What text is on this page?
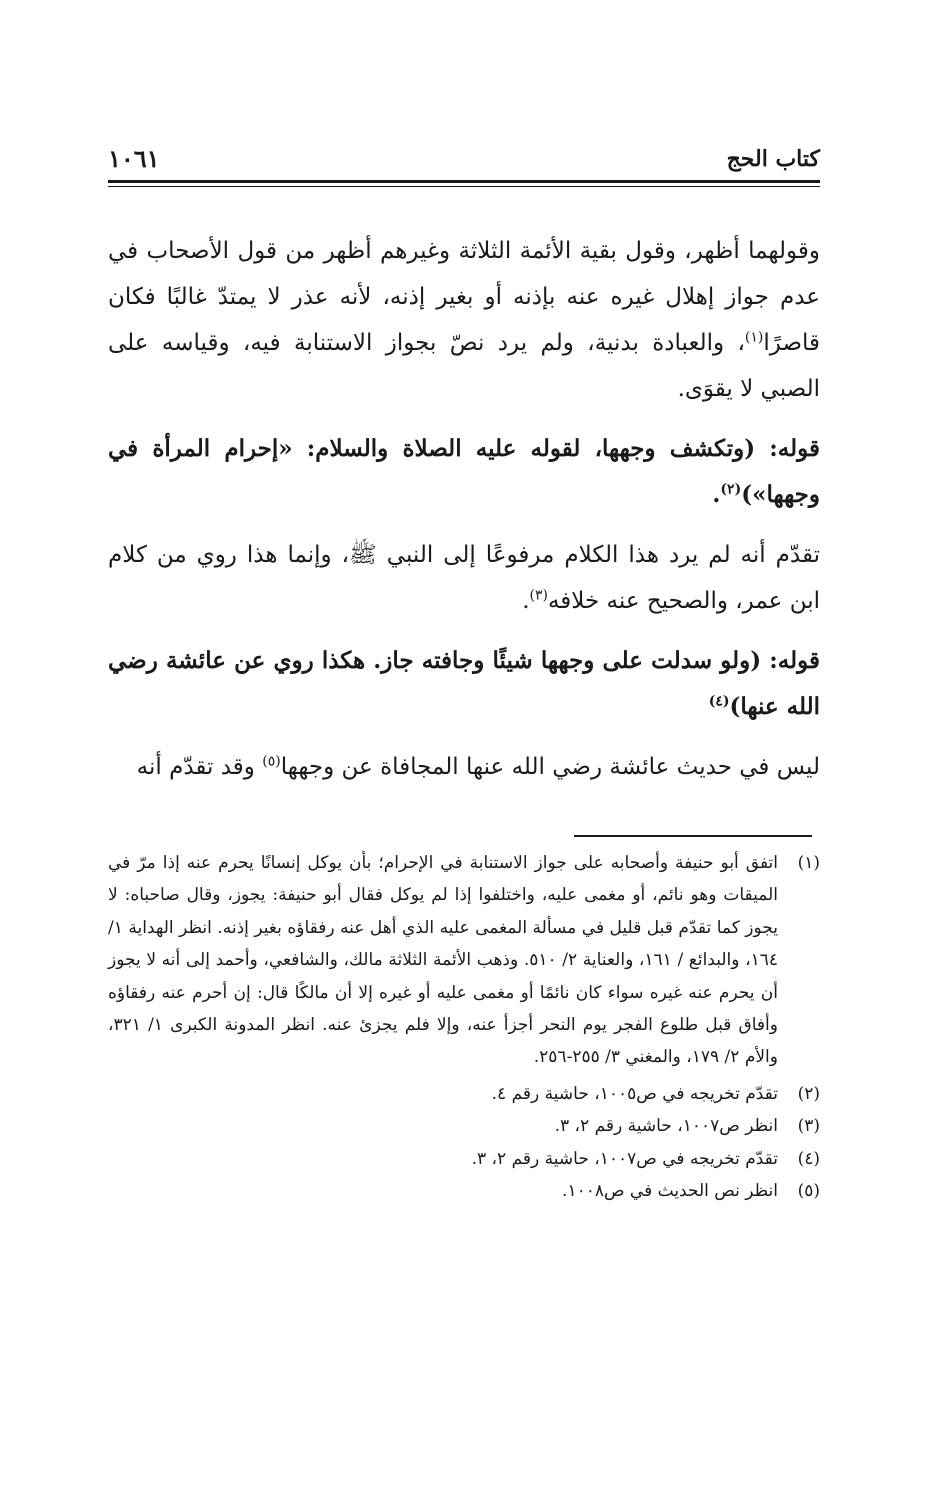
كتاب الحج
١٠٦١

وقولهما أظهر، وقول بقية الأئمة الثلاثة وغيرهم أظهر من قول الأصحاب في عدم جواز إهلال غيره عنه بإذنه أو بغير إذنه، لأنه عذر لا يمتدّ غالبًا فكان قاصرًا$^{(١)}$، والعبادة بدنية، ولم يرد نصّ بجواز الاستنابة فيه، وقياسه على الصبي لا يقوَى.

قوله: (وتكشف وجهها، لقوله عليه الصلاة والسلام: «إحرام المرأة في وجهها»)$^{(٢)}$.

تقدّم أنه لم يرد هذا الكلام مرفوعًا إلى النبي ﷺ، وإنما هذا روي من كلام ابن عمر، والصحيح عنه خلافه$^{(٣)}$.

قوله: (ولو سدلت على وجهها شيئًا وجافته جاز. هكذا روي عن عائشة رضي الله عنها)$^{(٤)}$

ليس في حديث عائشة رضي الله عنها المجافاة عن وجهها$^{(٥)}$ وقد تقدّم أنه

(١)
اتفق أبو حنيفة وأصحابه على جواز الاستنابة في الإحرام؛ بأن يوكل إنسانًا يحرم عنه إذا مرّ في الميقات وهو نائم، أو مغمى عليه، واختلفوا إذا لم يوكل فقال أبو حنيفة: يجوز، وقال صاحباه: لا يجوز كما تقدّم قبل قليل في مسألة المغمى عليه الذي أهل عنه رفقاؤه بغير إذنه. انظر الهداية ١/ ١٦٤، والبدائع / ١٦١، والعناية ٢/ ٥١٠. وذهب الأئمة الثلاثة مالك، والشافعي، وأحمد إلى أنه لا يجوز أن يحرم عنه غيره سواء كان نائمًا أو مغمى عليه أو غيره إلا أن مالكًا قال: إن أحرم عنه رفقاؤه وأفاق قبل طلوع الفجر يوم النحر أجزأ عنه، وإلا فلم يجزئ عنه. انظر المدونة الكبرى ١/ ٣٢١، والأم ٢/ ١٧٩، والمغني ٣/ ٢٥٥-٢٥٦.
(٢)
تقدّم تخريجه في ص١٠٠٥، حاشية رقم ٤.
(٣)
انظر ص١٠٠٧، حاشية رقم ٢، ٣.
(٤)
تقدّم تخريجه في ص١٠٠٧، حاشية رقم ٢، ٣.
(٥)
انظر نص الحديث في ص١٠٠٨.
